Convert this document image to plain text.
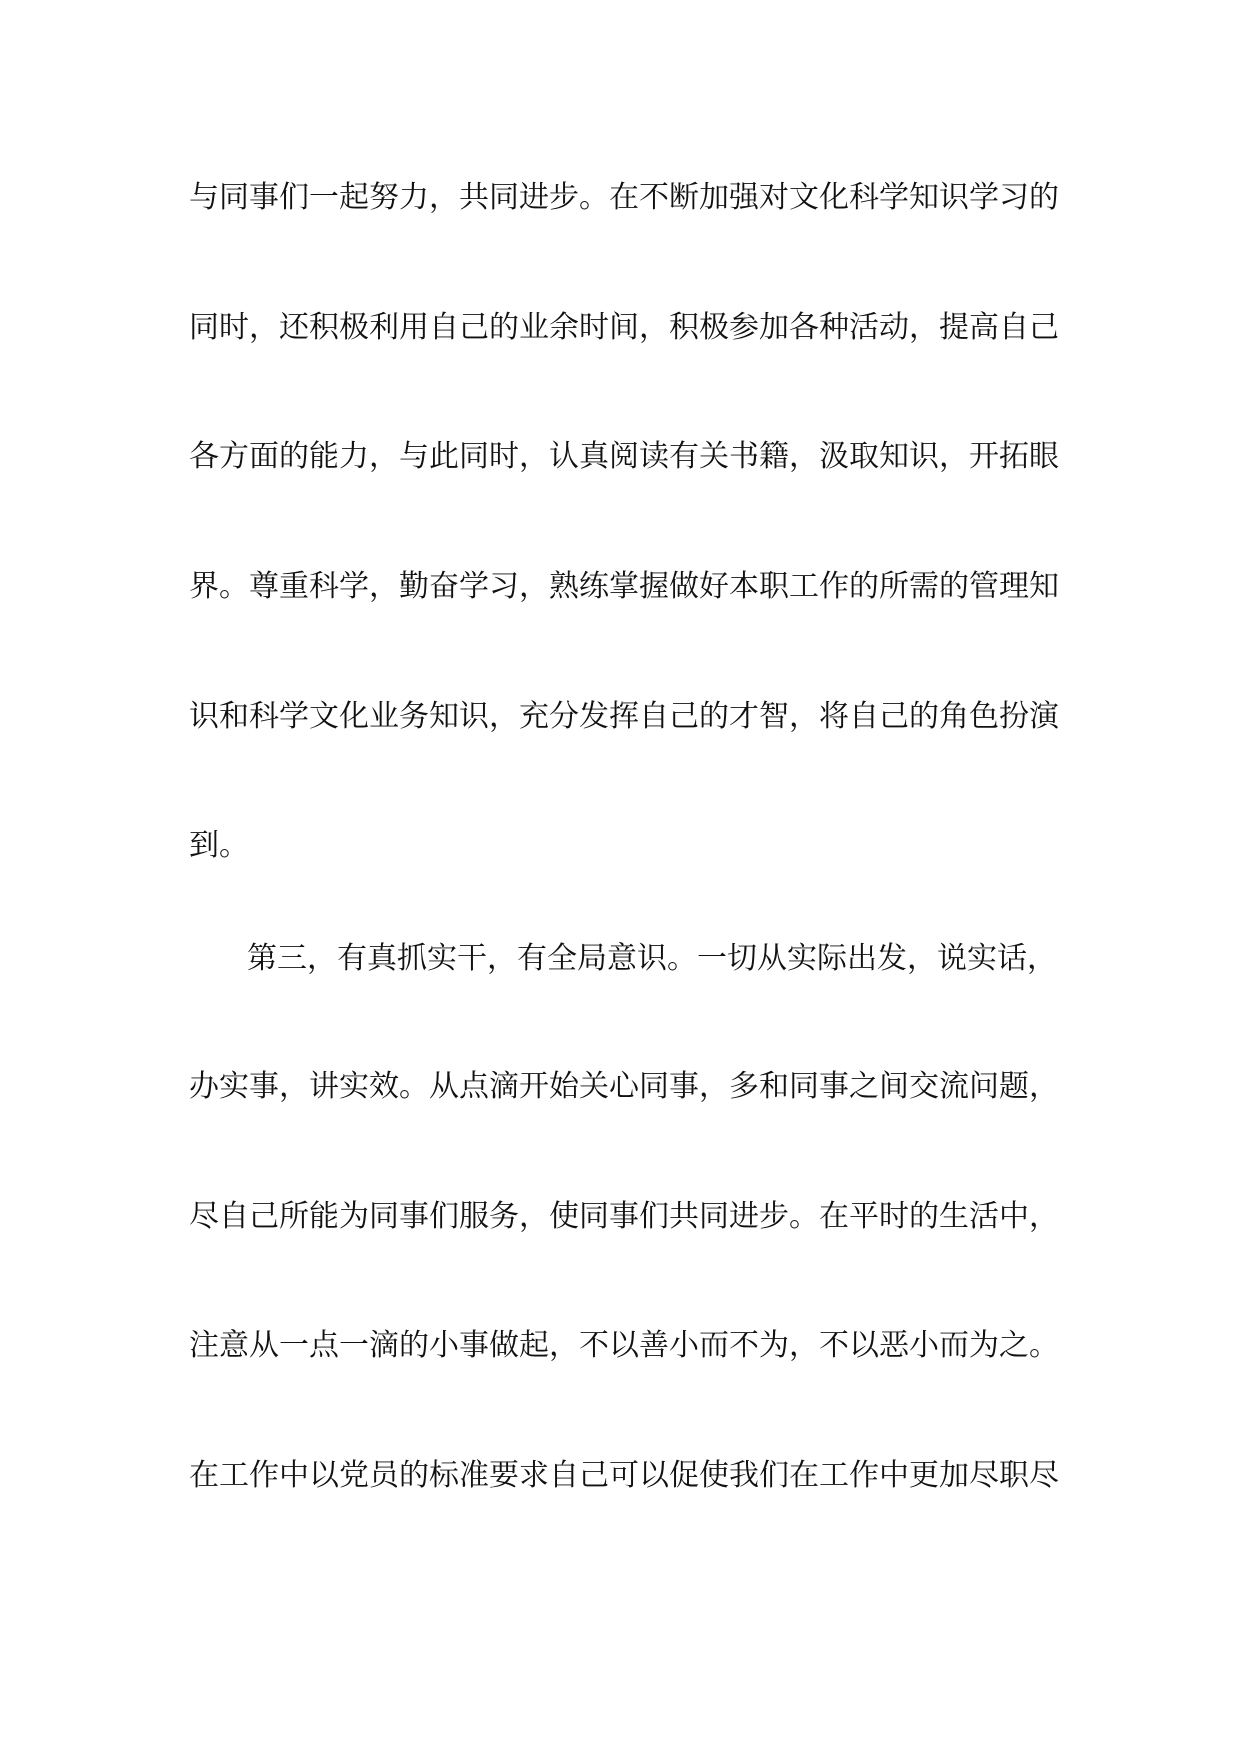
与同事们一起努力，共同进步。在不断加强对文化科学知识学习的
同时，还积极利用自己的业余时间，积极参加各种活动，提高自己
各方面的能力，与此同时，认真阅读有关书籍，汲取知识，开拓眼
界。尊重科学，勤奋学习，熟练掌握做好本职工作的所需的管理知
识和科学文化业务知识，充分发挥自己的才智，将自己的角色扮演
到。
第三，有真抓实干，有全局意识。一切从实际出发，说实话，
办实事，讲实效。从点滴开始关心同事，多和同事之间交流问题，
尽自己所能为同事们服务，使同事们共同进步。在平时的生活中，
注意从一点一滴的小事做起，不以善小而不为，不以恶小而为之。
在工作中以党员的标准要求自己可以促使我们在工作中更加尽职尽
